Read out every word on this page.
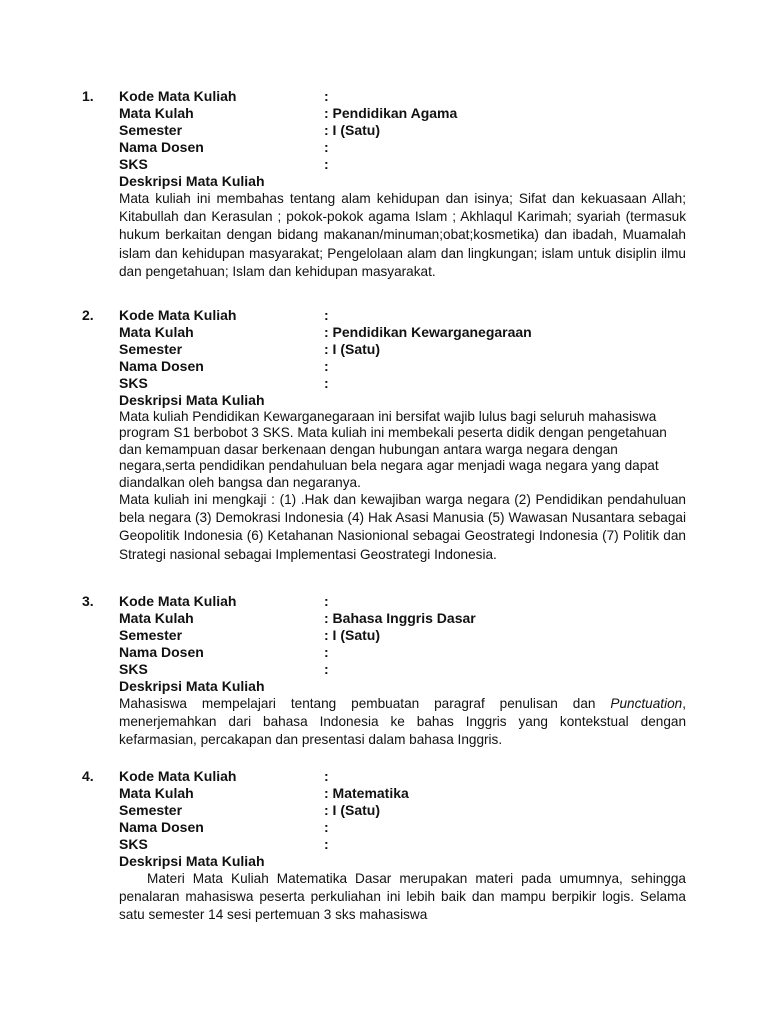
1. Kode Mata Kuliah	:
Mata Kulah	: Pendidikan Agama
Semester	: I (Satu)
Nama Dosen	:
SKS	:
Deskripsi Mata Kuliah

Mata kuliah ini membahas tentang alam kehidupan dan isinya; Sifat dan kekuasaan Allah; Kitabullah dan Kerasulan ; pokok-pokok agama Islam ; Akhlaqul Karimah; syariah (termasuk hukum berkaitan dengan bidang makanan/minuman;obat;kosmetika) dan ibadah, Muamalah islam dan kehidupan masyarakat; Pengelolaan alam dan lingkungan; islam untuk disiplin ilmu dan pengetahuan; Islam dan kehidupan masyarakat.

2. Kode Mata Kuliah	:
Mata Kulah	: Pendidikan Kewarganegaraan
Semester	: I (Satu)
Nama Dosen	:
SKS	:
Deskripsi Mata Kuliah

Mata kuliah Pendidikan Kewarganegaraan ini bersifat wajib lulus bagi seluruh mahasiswa program S1 berbobot 3 SKS. Mata kuliah ini membekali peserta didik dengan pengetahuan dan kemampuan dasar berkenaan dengan hubungan antara warga negara dengan negara,serta pendidikan pendahuluan bela negara agar menjadi waga negara yang dapat diandalkan oleh bangsa dan negaranya.

Mata kuliah ini mengkaji : (1) .Hak dan kewajiban warga negara (2) Pendidikan pendahuluan bela negara (3) Demokrasi Indonesia (4) Hak Asasi Manusia (5) Wawasan Nusantara sebagai Geopolitik Indonesia (6) Ketahanan Nasionional sebagai Geostrategi Indonesia (7) Politik dan Strategi nasional sebagai Implementasi Geostrategi Indonesia.

3. Kode Mata Kuliah	:
Mata Kulah	: Bahasa Inggris Dasar
Semester	: I (Satu)
Nama Dosen	:
SKS	:
Deskripsi Mata Kuliah

Mahasiswa mempelajari tentang pembuatan paragraf penulisan dan Punctuation, menerjemahkan dari bahasa Indonesia ke bahas Inggris yang kontekstual dengan kefarmasian, percakapan dan presentasi dalam bahasa Inggris.

4. Kode Mata Kuliah	:
Mata Kulah	: Matematika
Semester	: I (Satu)
Nama Dosen	:
SKS	:
Deskripsi Mata Kuliah

Materi Mata Kuliah Matematika Dasar merupakan materi pada umumnya, sehingga penalaran mahasiswa peserta perkuliahan ini lebih baik dan mampu berpikir logis. Selama satu semester 14 sesi pertemuan 3 sks mahasiswa
